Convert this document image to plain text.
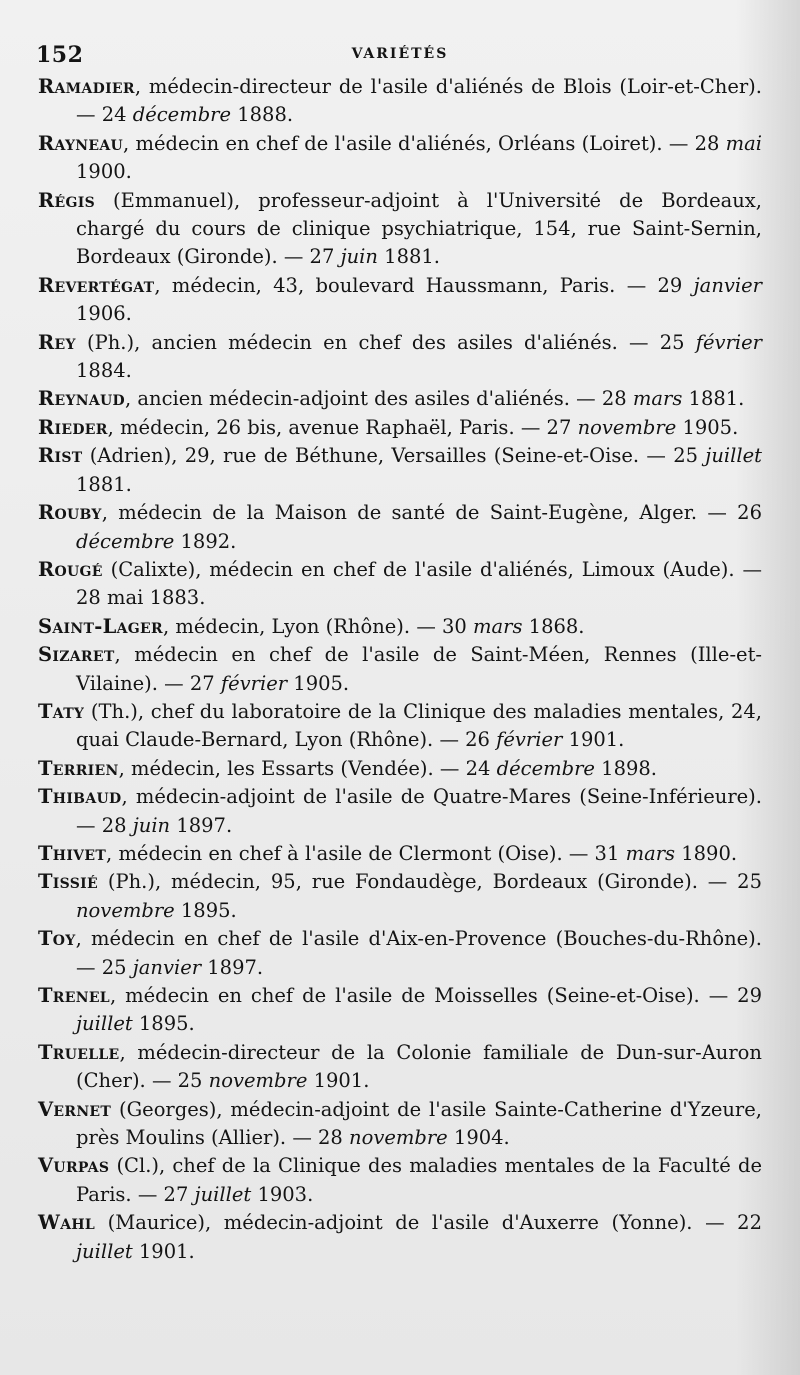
152	VARIÉTÉS

Ramadier, médecin-directeur de l'asile d'aliénés de Blois (Loir-et-Cher). — 24 décembre 1888.

Rayneau, médecin en chef de l'asile d'aliénés, Orléans (Loiret). — 28 mai 1900.

Régis (Emmanuel), professeur-adjoint à l'Université de Bordeaux, chargé du cours de clinique psychiatrique, 154, rue Saint-Sernin, Bordeaux (Gironde). — 27 juin 1881.

Revertégat, médecin, 43, boulevard Haussmann, Paris. — 29 janvier 1906.

Rey (Ph.), ancien médecin en chef des asiles d'aliénés. — 25 février 1884.

Reynaud, ancien médecin-adjoint des asiles d'aliénés. — 28 mars 1881.

Rieder, médecin, 26 bis, avenue Raphaël, Paris. — 27 novembre 1905.

Rist (Adrien), 29, rue de Béthune, Versailles (Seine-et-Oise. — 25 juillet 1881.

Rouby, médecin de la Maison de santé de Saint-Eugène, Alger. — 26 décembre 1892.

Rougé (Calixte), médecin en chef de l'asile d'aliénés, Limoux (Aude). — 28 mai 1883.

Saint-Lager, médecin, Lyon (Rhône). — 30 mars 1868.

Sizaret, médecin en chef de l'asile de Saint-Méen, Rennes (Ille-et-Vilaine). — 27 février 1905.

Taty (Th.), chef du laboratoire de la Clinique des maladies mentales, 24, quai Claude-Bernard, Lyon (Rhône). — 26 février 1901.

Terrien, médecin, les Essarts (Vendée). — 24 décembre 1898.

Thibaud, médecin-adjoint de l'asile de Quatre-Mares (Seine-Inférieure). — 28 juin 1897.

Thivet, médecin en chef à l'asile de Clermont (Oise). — 31 mars 1890.

Tissié (Ph.), médecin, 95, rue Fondaudège, Bordeaux (Gironde). — 25 novembre 1895.

Toy, médecin en chef de l'asile d'Aix-en-Provence (Bouches-du-Rhône). — 25 janvier 1897.

Trenel, médecin en chef de l'asile de Moisselles (Seine-et-Oise). — 29 juillet 1895.

Truelle, médecin-directeur de la Colonie familiale de Dun-sur-Auron (Cher). — 25 novembre 1901.

Vernet (Georges), médecin-adjoint de l'asile Sainte-Catherine d'Yzeure, près Moulins (Allier). — 28 novembre 1904.

Vurpas (Cl.), chef de la Clinique des maladies mentales de la Faculté de Paris. — 27 juillet 1903.

Wahl (Maurice), médecin-adjoint de l'asile d'Auxerre (Yonne). — 22 juillet 1901.
